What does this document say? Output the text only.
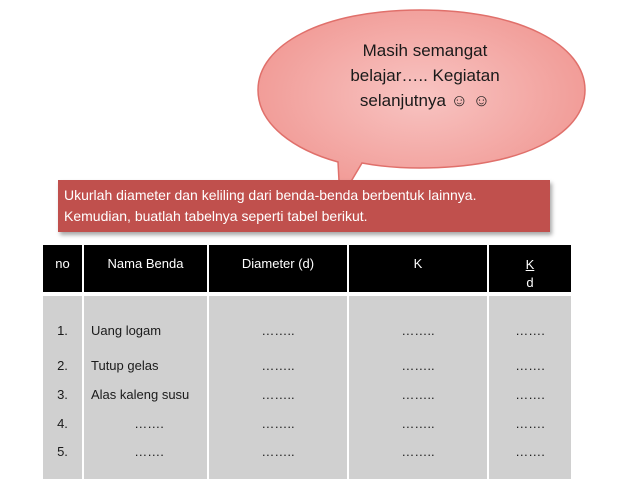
Masih semangat
belajar….. Kegiatan
selanjutnya ☺ ☺
Ukurlah diameter dan keliling dari benda-benda berbentuk lainnya.
Kemudian, buatlah tabelnya seperti tabel berikut.
no	Nama Benda	Diameter (d)	K	$\frac{K}{d}$

1.	Uang logam	……..	……..	…….
2.	Tutup gelas	……..	……..	…….
3.	Alas kaleng susu	……..	……..	…….
4.	…….	……..	……..	…….
5.	…….	……..	……..	…….
